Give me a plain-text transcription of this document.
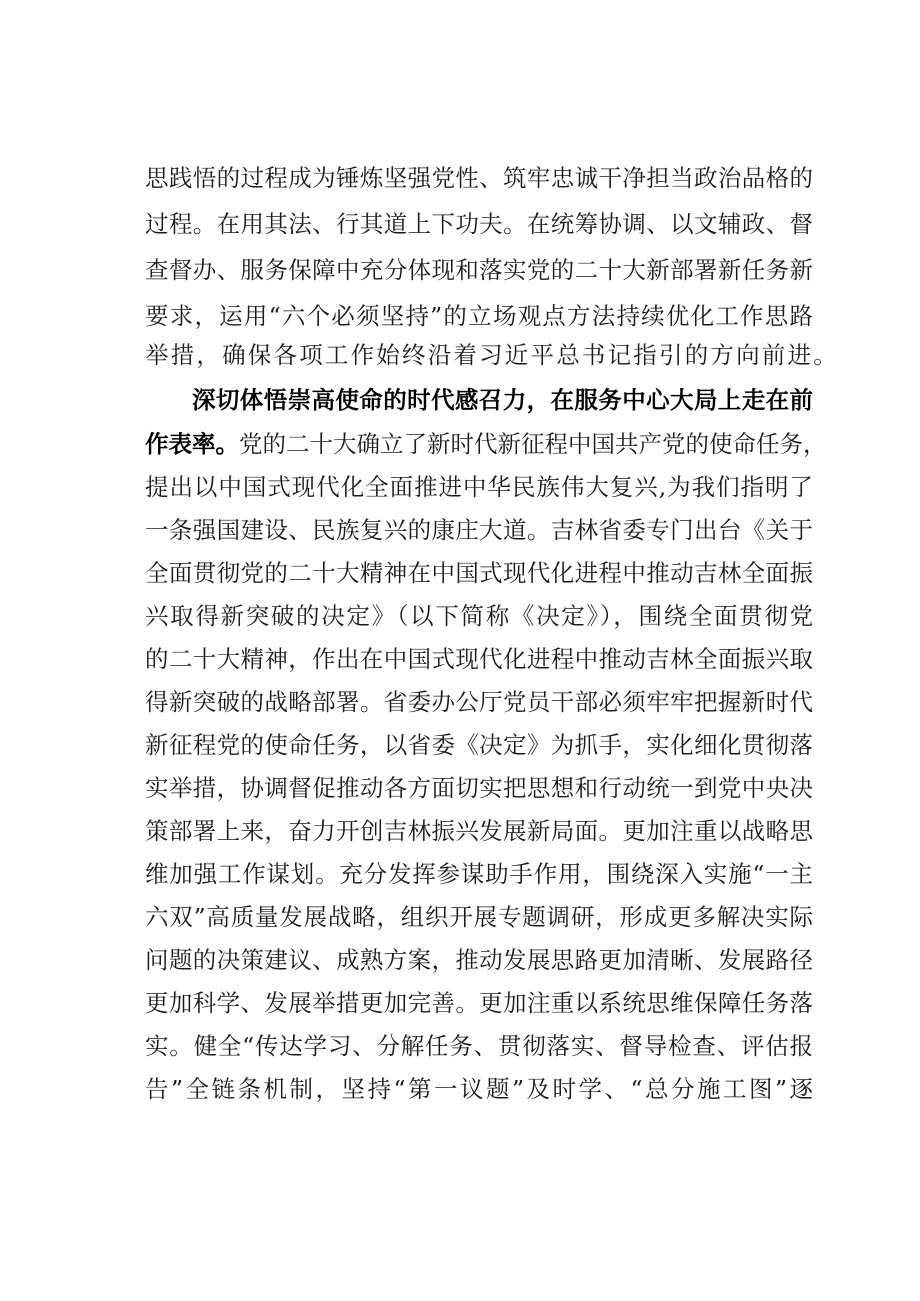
思践悟的过程成为锤炼坚强党性、筑牢忠诚干净担当政治品格的
过程。在用其法、行其道上下功夫。在统筹协调、以文辅政、督
查督办、服务保障中充分体现和落实党的二十大新部署新任务新
要求，运用“六个必须坚持”的立场观点方法持续优化工作思路
举措，确保各项工作始终沿着习近平总书记指引的方向前进。
深切体悟崇高使命的时代感召力，在服务中心大局上走在前
作表率。党的二十大确立了新时代新征程中国共产党的使命任务，
提出以中国式现代化全面推进中华民族伟大复兴,为我们指明了
一条强国建设、民族复兴的康庄大道。吉林省委专门出台《关于
全面贯彻党的二十大精神在中国式现代化进程中推动吉林全面振
兴取得新突破的决定》（以下简称《决定》），围绕全面贯彻党
的二十大精神，作出在中国式现代化进程中推动吉林全面振兴取
得新突破的战略部署。省委办公厅党员干部必须牢牢把握新时代
新征程党的使命任务，以省委《决定》为抓手，实化细化贯彻落
实举措，协调督促推动各方面切实把思想和行动统一到党中央决
策部署上来，奋力开创吉林振兴发展新局面。更加注重以战略思
维加强工作谋划。充分发挥参谋助手作用，围绕深入实施“一主
六双”高质量发展战略，组织开展专题调研，形成更多解决实际
问题的决策建议、成熟方案，推动发展思路更加清晰、发展路径
更加科学、发展举措更加完善。更加注重以系统思维保障任务落
实。健全“传达学习、分解任务、贯彻落实、督导检查、评估报
告”全链条机制，坚持“第一议题”及时学、“总分施工图”逐
